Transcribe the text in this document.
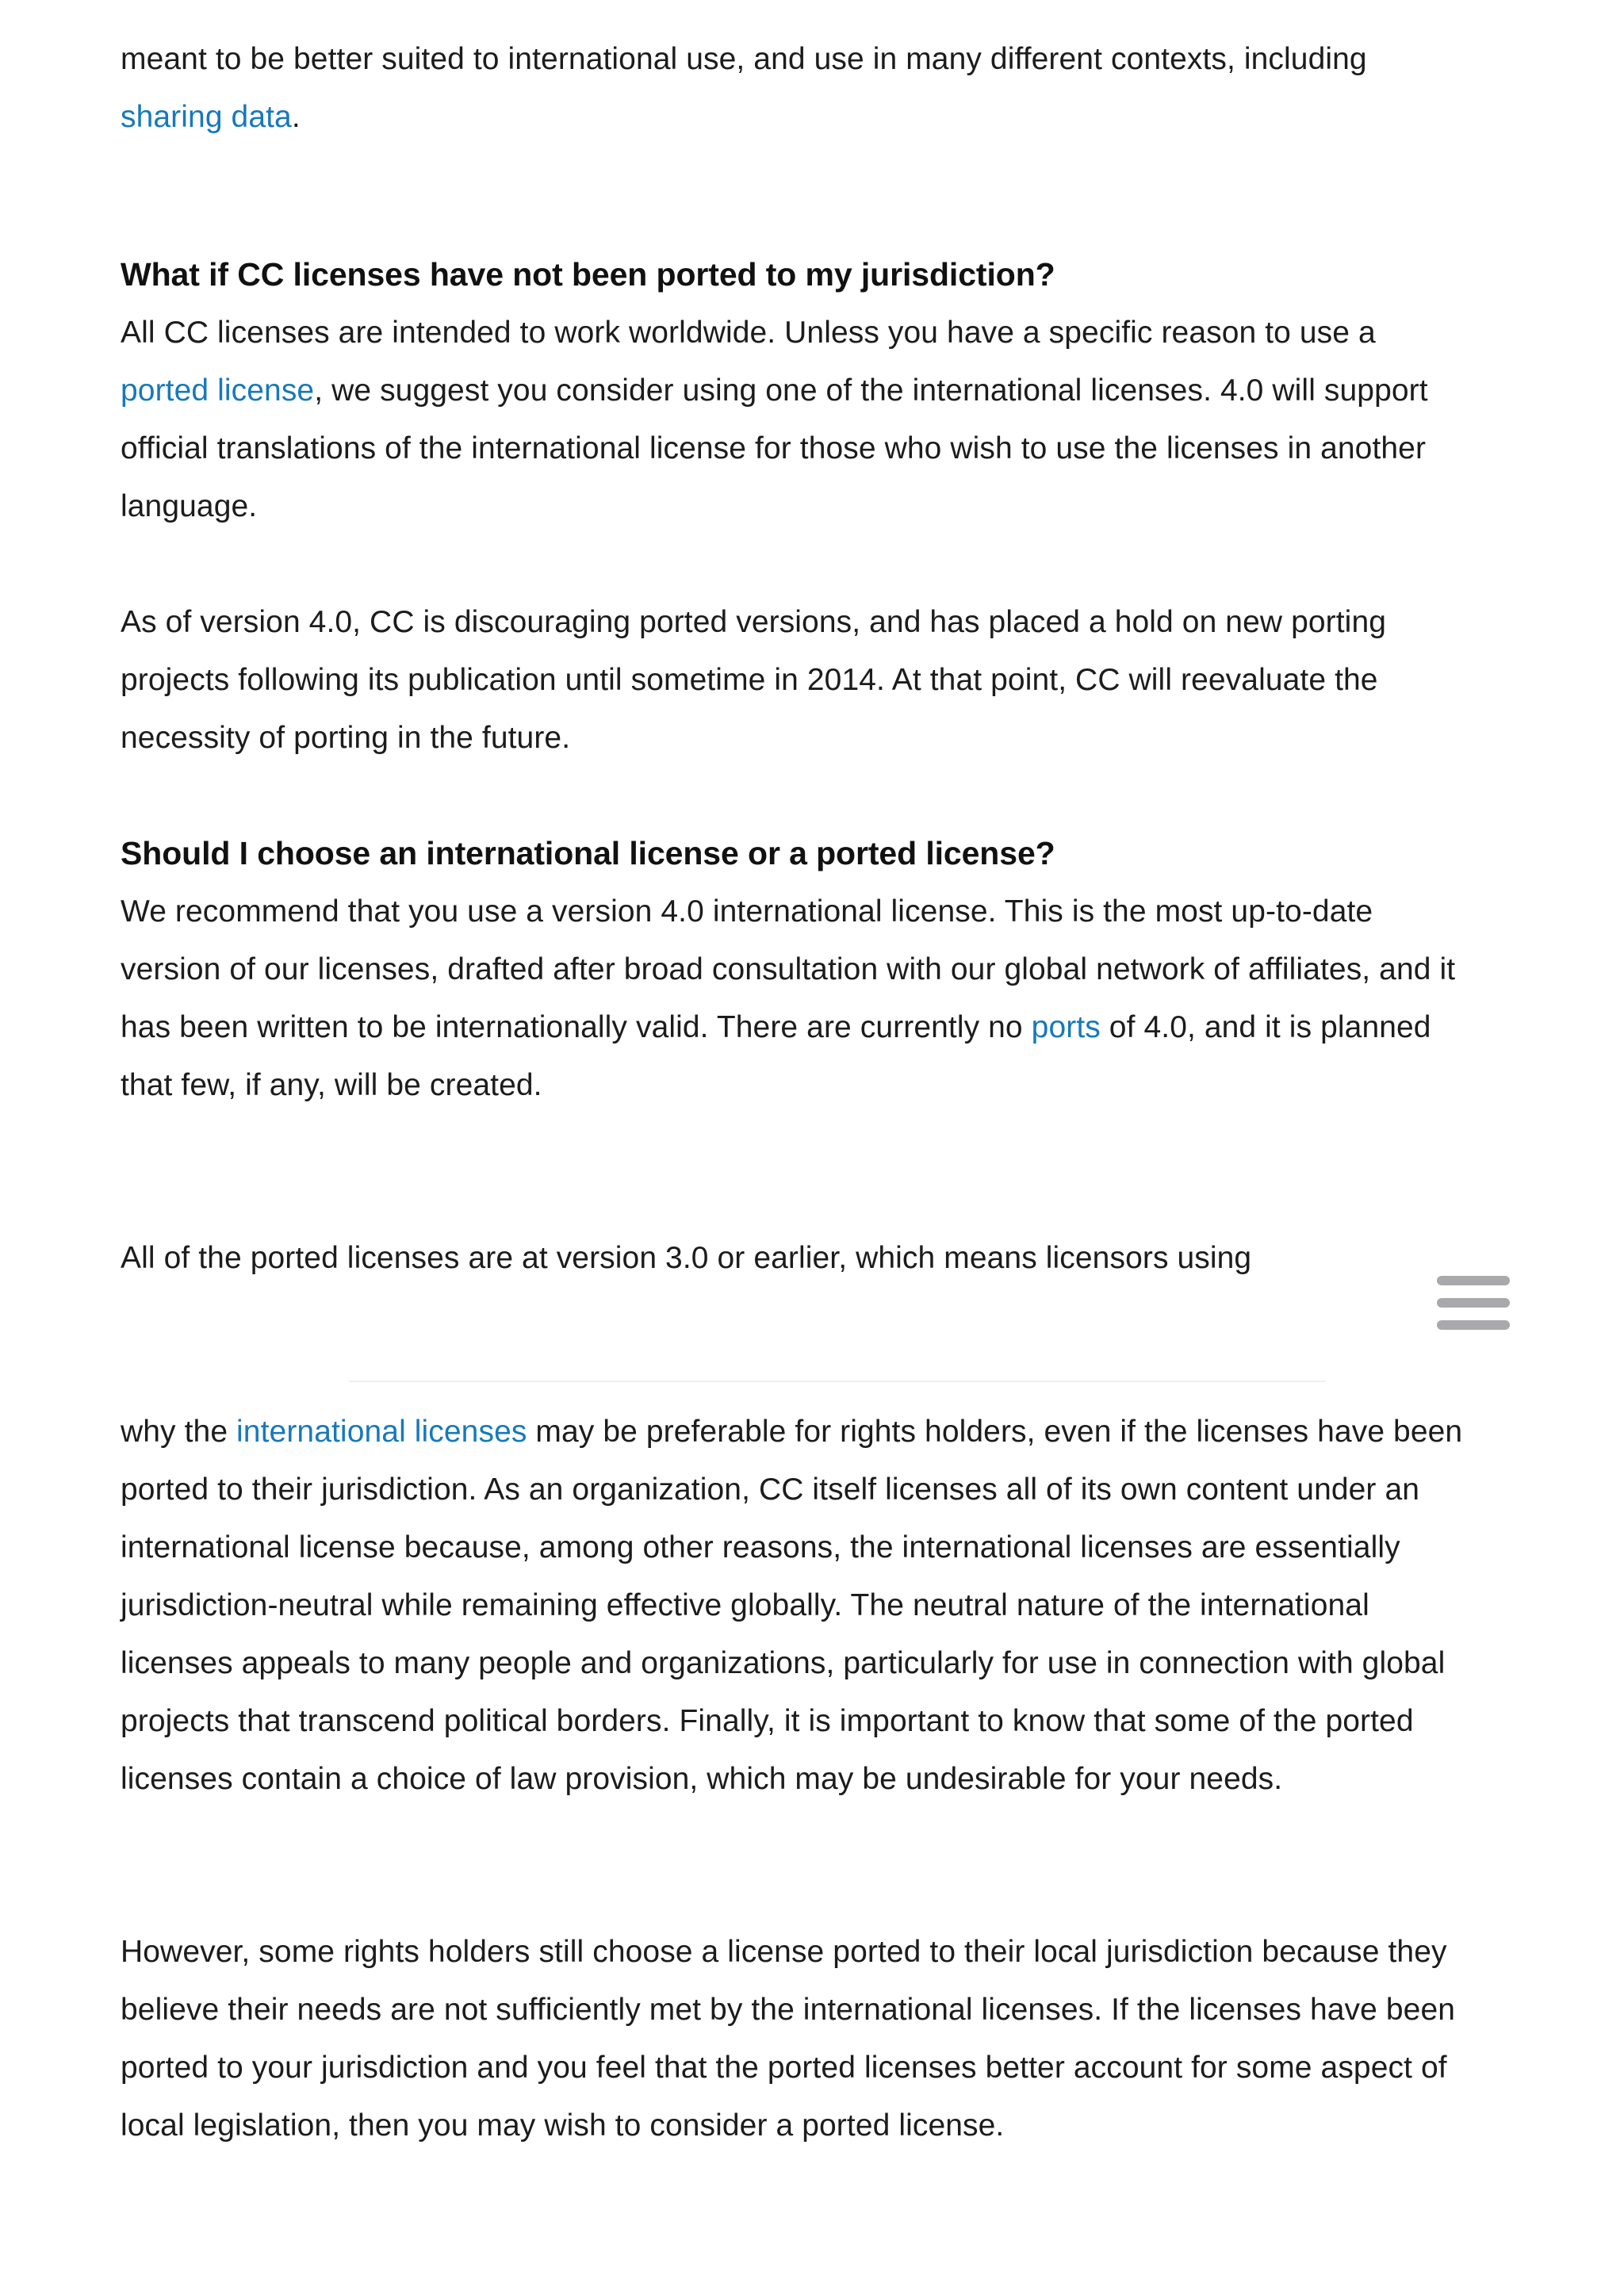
meant to be better suited to international use, and use in many different contexts, including sharing data.

What if CC licenses have not been ported to my jurisdiction?

All CC licenses are intended to work worldwide. Unless you have a specific reason to use a ported license, we suggest you consider using one of the international licenses. 4.0 will support official translations of the international license for those who wish to use the licenses in another language.

As of version 4.0, CC is discouraging ported versions, and has placed a hold on new porting projects following its publication until sometime in 2014. At that point, CC will reevaluate the necessity of porting in the future.

Should I choose an international license or a ported license?

We recommend that you use a version 4.0 international license. This is the most up-to-date version of our licenses, drafted after broad consultation with our global network of affiliates, and it has been written to be internationally valid. There are currently no ports of 4.0, and it is planned that few, if any, will be created.

All of the ported licenses are at version 3.0 or earlier, which means licensors using

why the international licenses may be preferable for rights holders, even if the licenses have been ported to their jurisdiction. As an organization, CC itself licenses all of its own content under an international license because, among other reasons, the international licenses are essentially jurisdiction-neutral while remaining effective globally. The neutral nature of the international licenses appeals to many people and organizations, particularly for use in connection with global projects that transcend political borders. Finally, it is important to know that some of the ported licenses contain a choice of law provision, which may be undesirable for your needs.

However, some rights holders still choose a license ported to their local jurisdiction because they believe their needs are not sufficiently met by the international licenses. If the licenses have been ported to your jurisdiction and you feel that the ported licenses better account for some aspect of local legislation, then you may wish to consider a ported license.
